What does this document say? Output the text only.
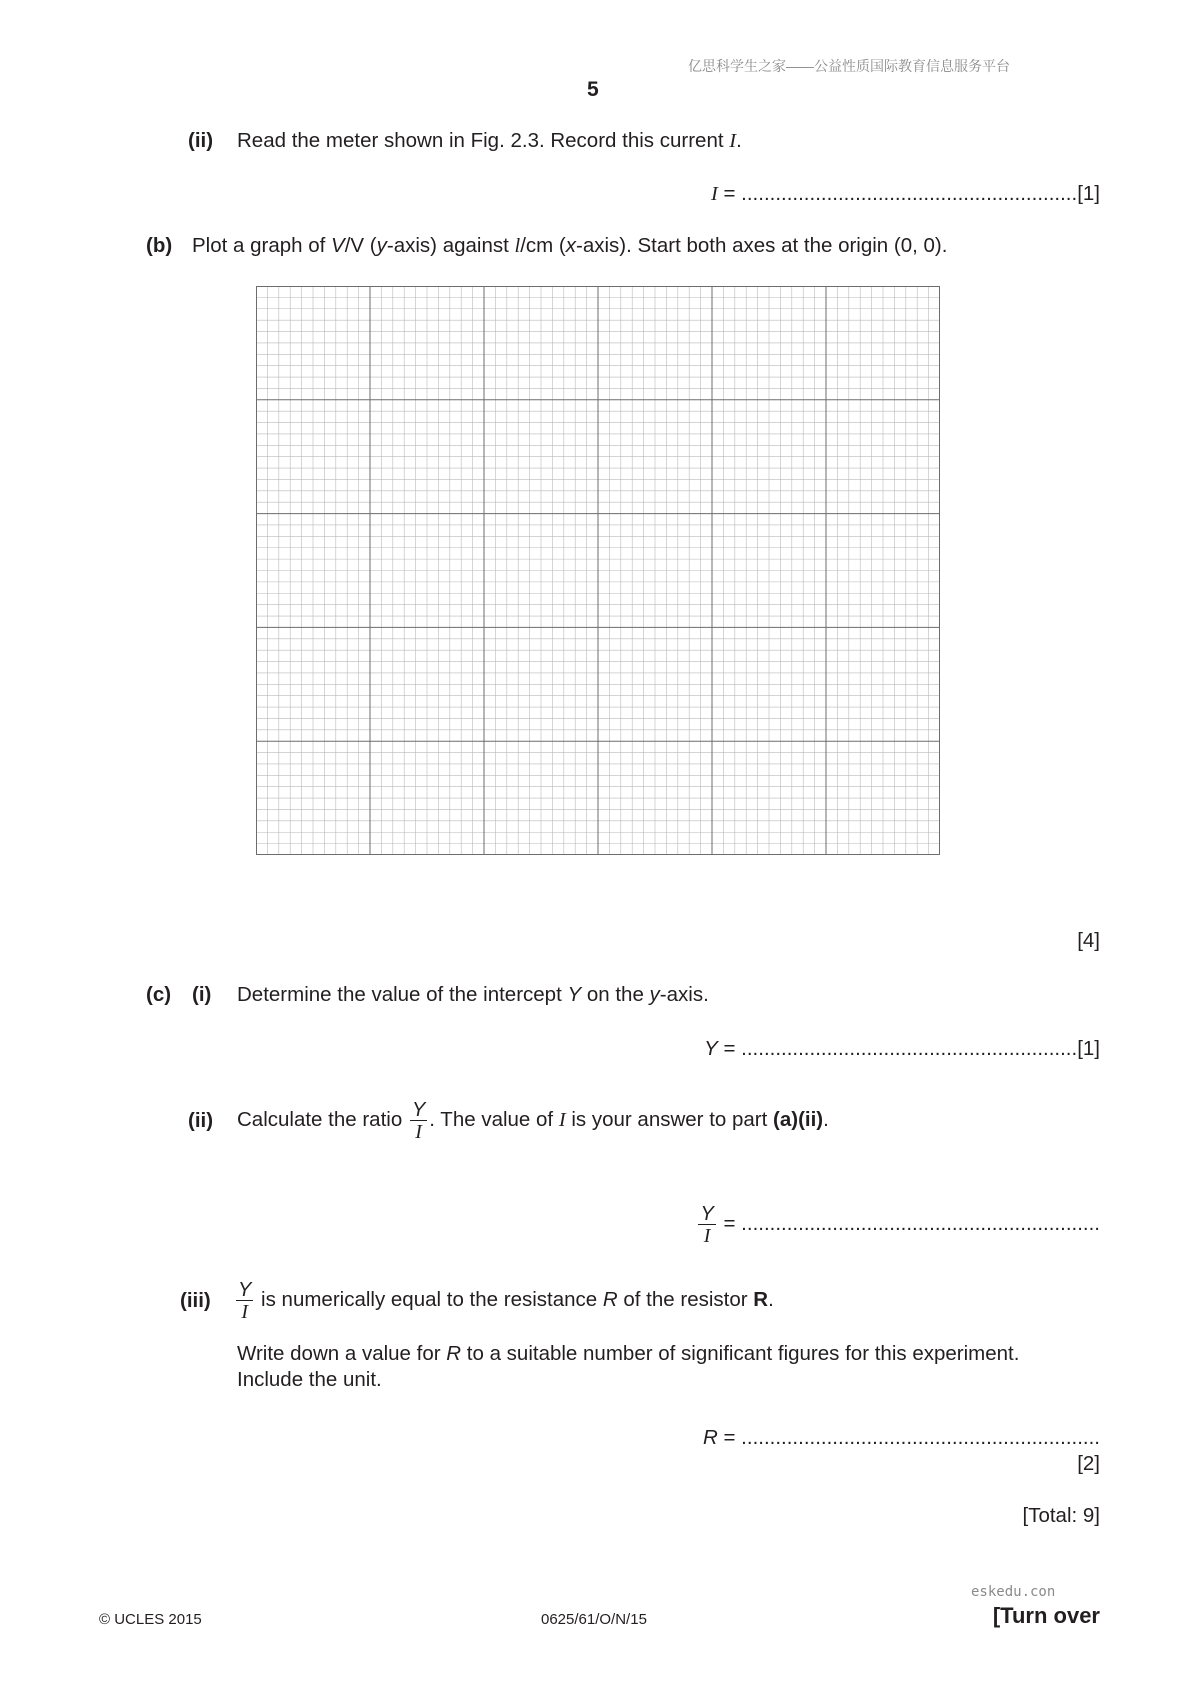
亿思科学生之家——公益性质国际教育信息服务平台
5
(ii) Read the meter shown in Fig. 2.3. Record this current I.
I = ...........................................................[1]
(b) Plot a graph of V/V (y-axis) against l/cm (x-axis). Start both axes at the origin (0, 0).
[4]
(c) (i) Determine the value of the intercept Y on the y-axis.
Y = ...........................................................[1]
(ii) Calculate the ratio $\frac{Y}{I}$ . The value of I is your answer to part (a)(ii).
$\frac{Y}{I}$ = ...............................................................
$(iii) \frac{Y}{I}$ is numerically equal to the resistance R of the resistor R.
Write down a value for R to a suitable number of significant figures for this experiment.
Include the unit.
R = ...............................................................
[2]
[Total: 9]
eskedu.con
© UCLES 2015	0625/61/O/N/15	[Turn over
